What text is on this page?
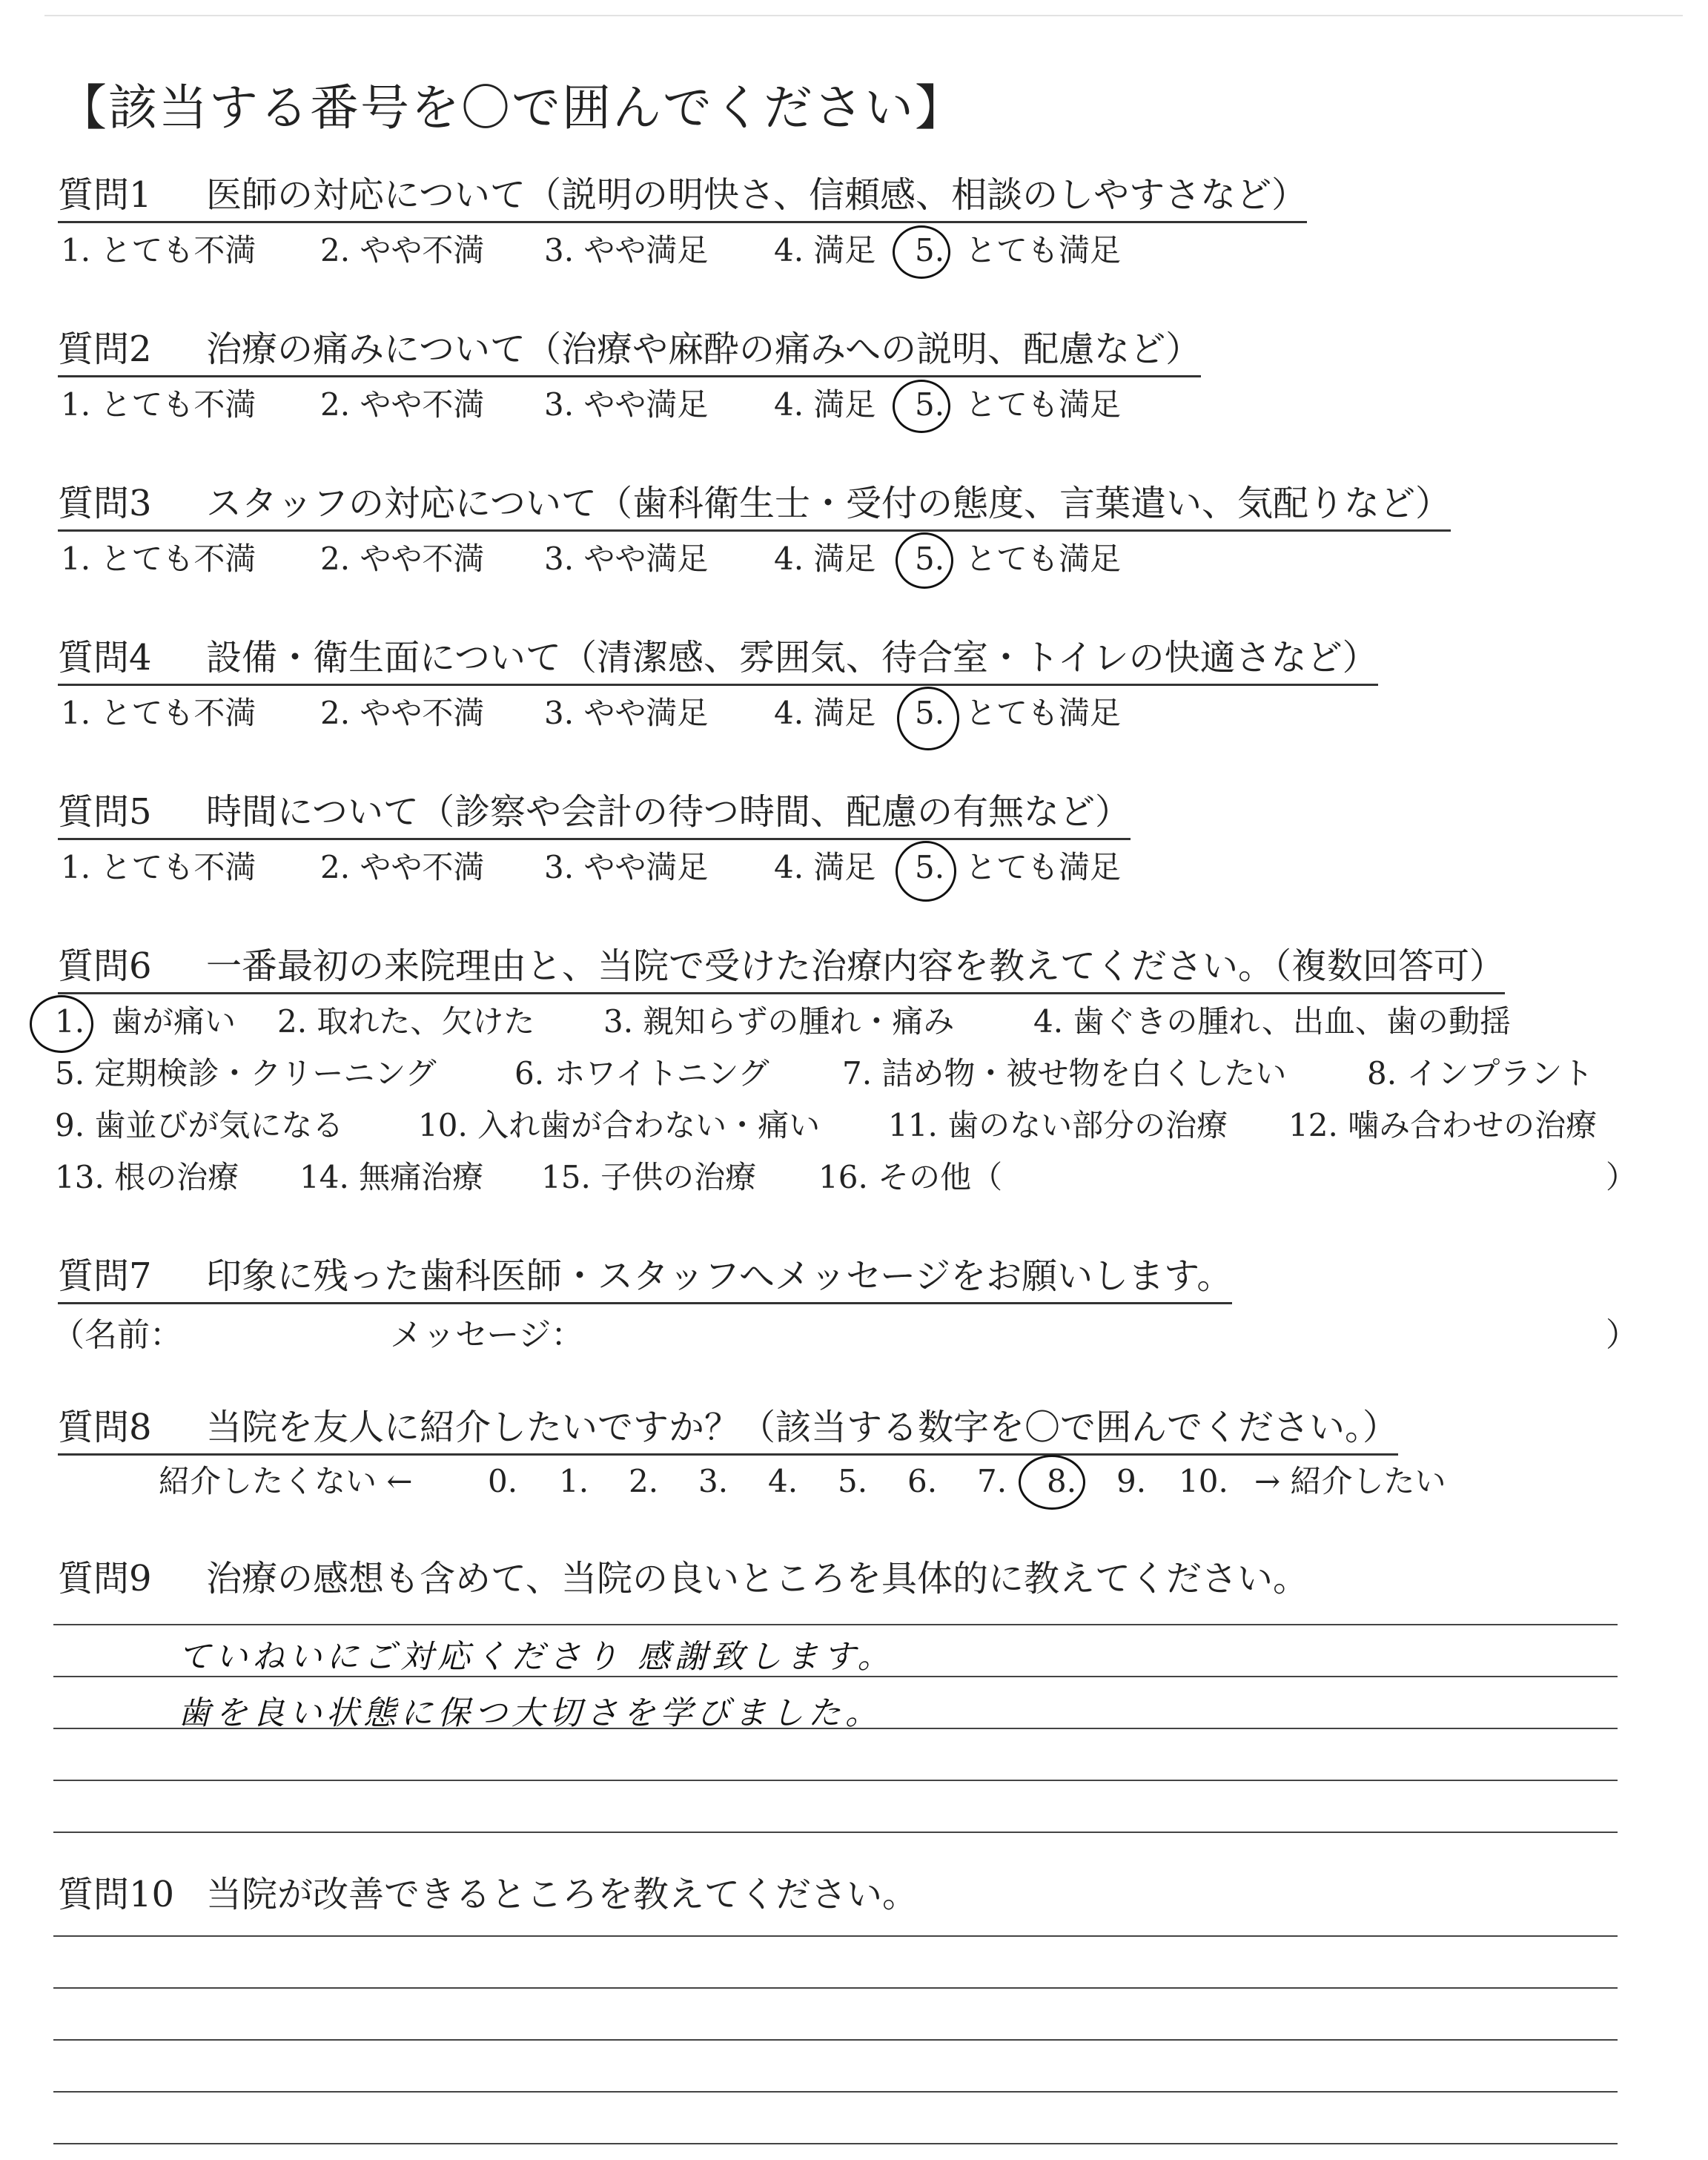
【該当する番号を〇で囲んでください】
質問1 医師の対応について（説明の明快さ、信頼感、相談のしやすさなど）
1. とても不満 2. やや不満 3. やや満足 4. 満足 5. とても満足
質問2 治療の痛みについて（治療や麻酔の痛みへの説明、配慮など）
1. とても不満 2. やや不満 3. やや満足 4. 満足 5. とても満足
質問3 スタッフの対応について（歯科衛生士・受付の態度、言葉遣い、気配りなど）
1. とても不満 2. やや不満 3. やや満足 4. 満足 5. とても満足
質問4 設備・衛生面について（清潔感、雰囲気、待合室・トイレの快適さなど）
1. とても不満 2. やや不満 3. やや満足 4. 満足 5. とても満足
質問5 時間について（診察や会計の待つ時間、配慮の有無など）
1. とても不満 2. やや不満 3. やや満足 4. 満足 5. とても満足
質問6 一番最初の来院理由と、当院で受けた治療内容を教えてください。（複数回答可）
1. 歯が痛い 2. 取れた、欠けた 3. 親知らずの腫れ・痛み	4. 歯ぐきの腫れ、出血、歯の動揺
5. 定期検診・クリーニング	6. ホワイトニング 7. 詰め物・被せ物を白くしたい	8. インプラント
9. 歯並びが気になる 10. 入れ歯が合わない・痛い 11. 歯のない部分の治療 12. 噛み合わせの治療
13. 根の治療 14. 無痛治療 15. 子供の治療 16. その他（	）
質問7 印象に残った歯科医師・スタッフへメッセージをお願いします。
（名前：	メッセージ：	）
質問8 当院を友人に紹介したいですか？（該当する数字を〇で囲んでください。）
紹介したくない ← 0. 1. 2. 3. 4. 5. 6. 7. 8. 9. 10. → 紹介したい
質問9 治療の感想も含めて、当院の良いところを具体的に教えてください。
ていねいにご対応くださり 感謝致します。
歯を良い状態に保つ大切さを学びました。
質問10 当院が改善できるところを教えてください。
